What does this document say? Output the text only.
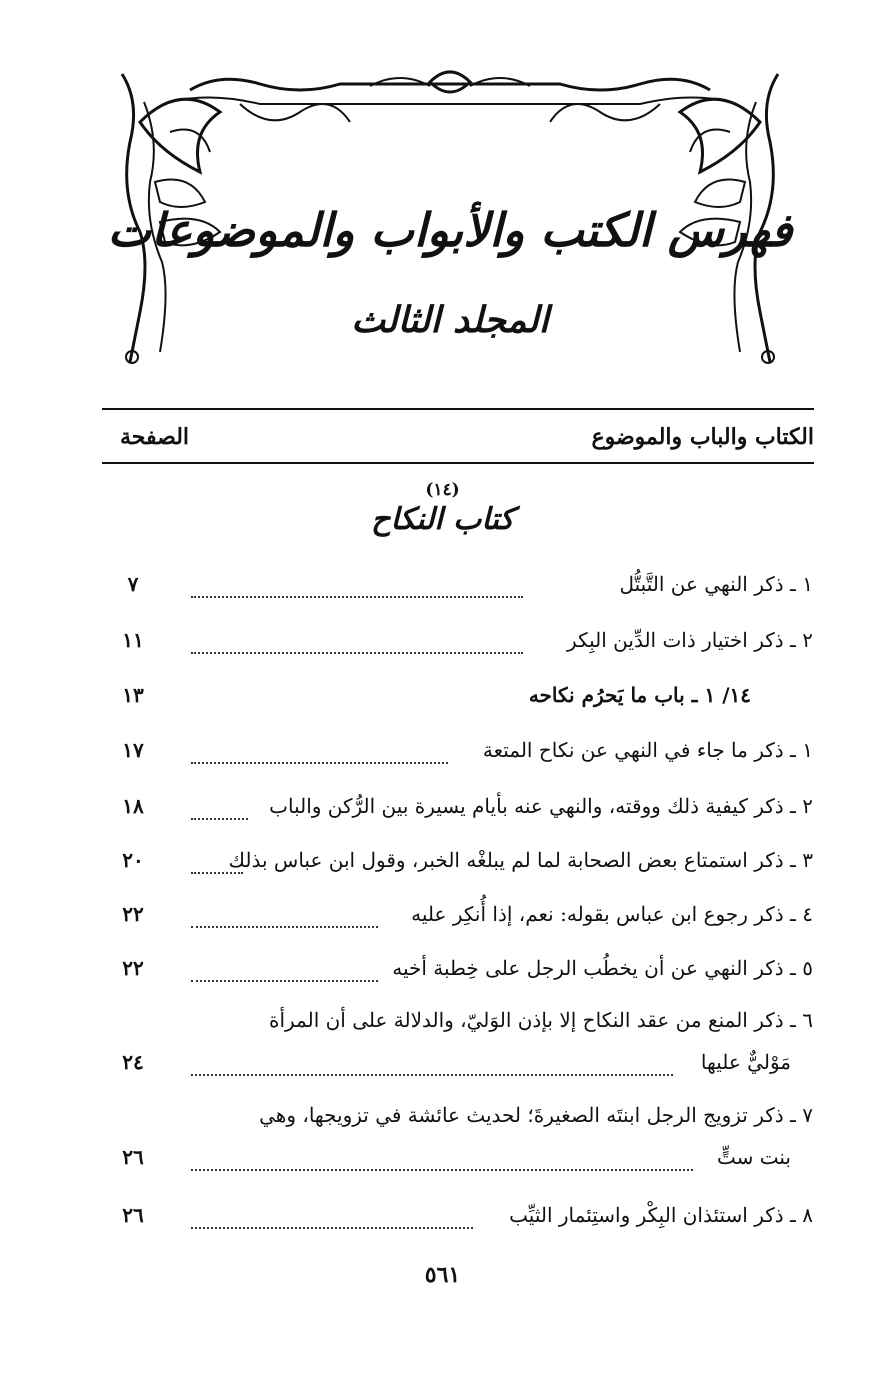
فهرس الكتب والأبواب والموضوعات
المجلد الثالث
الكتاب والباب والموضوع
الصفحة
(١٤)
كتاب النكاح
١ ـ ذكر النهي عن التَّبتُّل
٧
٢ ـ ذكر اختيار ذات الدِّين البِكر
١١
١٤/ ١ ـ باب ما يَحرُم نكاحه
١٣
١ ـ ذكر ما جاء في النهي عن نكاح المتعة
١٧
٢ ـ ذكر كيفية ذلك ووقته، والنهي عنه بأيام يسيرة بين الرُّكن والباب
١٨
٣ ـ ذكر استمتاع بعض الصحابة لما لم يبلغْه الخبر، وقول ابن عباس بذلك
٢٠
٤ ـ ذكر رجوع ابن عباس بقوله: نعم، إذا أُنكِر عليه
٢٢
٥ ـ ذكر النهي عن أن يخطُب الرجل على خِطبة أخيه
٢٢
٦ ـ ذكر المنع من عقد النكاح إلا بإذن الوَليّ، والدلالة على أن المرأة
مَوْليٌّ عليها
٢٤
٧ ـ ذكر تزويج الرجل ابنتَه الصغيرةَ؛ لحديث عائشة في تزويجها، وهي
بنت ستٍّ
٢٦
٨ ـ ذكر استئذان البِكْر واستِئمار الثيِّب
٢٦
٥٦١
